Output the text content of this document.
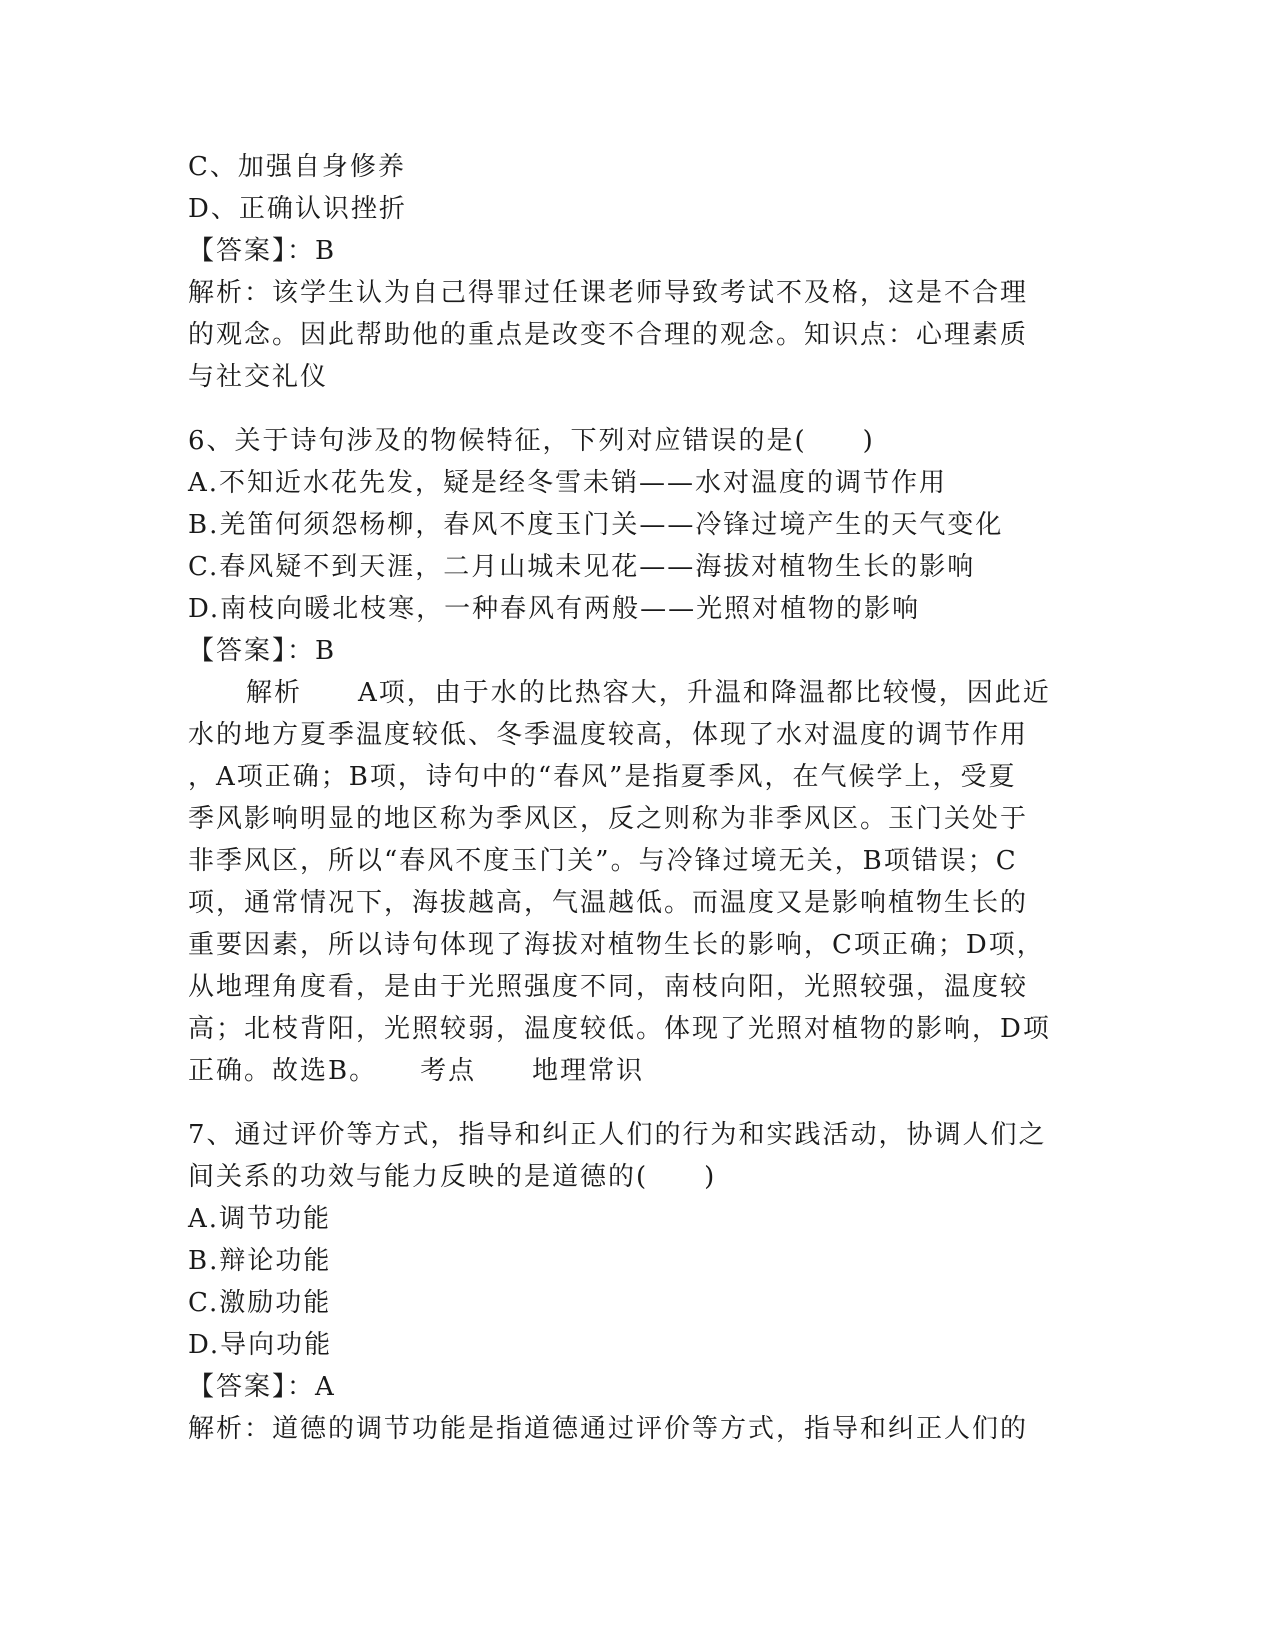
C、加强自身修养
D、正确认识挫折
【答案】：B
解析：该学生认为自己得罪过任课老师导致考试不及格，这是不合理
的观念。因此帮助他的重点是改变不合理的观念。知识点：心理素质
与社交礼仪
6、关于诗句涉及的物候特征，下列对应错误的是(　　)
A.不知近水花先发，疑是经冬雪未销——水对温度的调节作用
B.羌笛何须怨杨柳，春风不度玉门关——冷锋过境产生的天气变化
C.春风疑不到天涯，二月山城未见花——海拔对植物生长的影响
D.南枝向暖北枝寒，一种春风有两般——光照对植物的影响
【答案】：B
解析　　A项，由于水的比热容大，升温和降温都比较慢，因此近
水的地方夏季温度较低、冬季温度较高，体现了水对温度的调节作用
，A项正确；B项，诗句中的“春风”是指夏季风，在气候学上，受夏
季风影响明显的地区称为季风区，反之则称为非季风区。玉门关处于
非季风区，所以“春风不度玉门关”。与冷锋过境无关，B项错误；C
项，通常情况下，海拔越高，气温越低。而温度又是影响植物生长的
重要因素，所以诗句体现了海拔对植物生长的影响，C项正确；D项，
从地理角度看，是由于光照强度不同，南枝向阳，光照较强，温度较
高；北枝背阳，光照较弱，温度较低。体现了光照对植物的影响，D项
正确。故选B。　　考点　　地理常识
7、通过评价等方式，指导和纠正人们的行为和实践活动，协调人们之
间关系的功效与能力反映的是道德的(　　)
A.调节功能
B.辩论功能
C.激励功能
D.导向功能
【答案】：A
解析：道德的调节功能是指道德通过评价等方式，指导和纠正人们的
